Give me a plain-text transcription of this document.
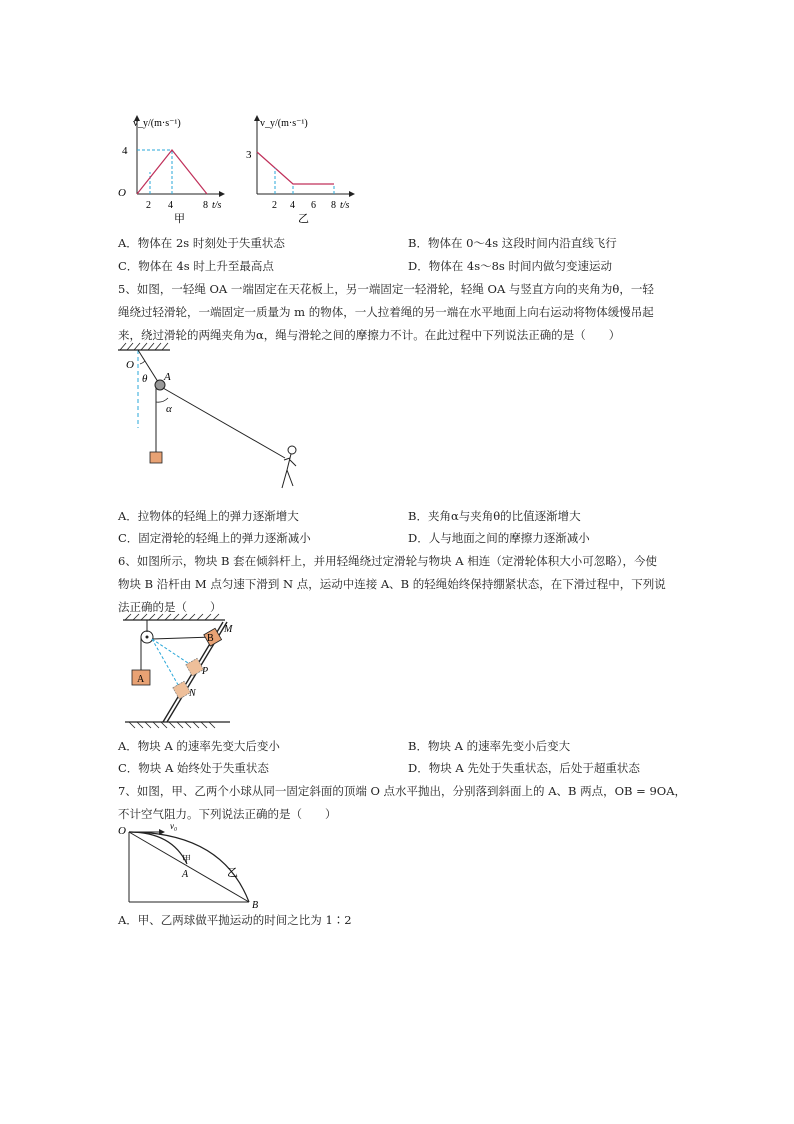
v_y/(m·s⁻¹)
4
O
2 4	8 t/s
甲
v_y/(m·s⁻¹)
3
2 4 6 8 t/s
乙
A．物体在 2s 时刻处于失重状态	B．物体在 0～4s 这段时间内沿直线飞行
C．物体在 4s 时上升至最高点	D．物体在 4s～8s 时间内做匀变速运动
5、如图，一轻绳 OA 一端固定在天花板上，另一端固定一轻滑轮，轻绳 OA 与竖直方向的夹角为θ，一轻
绳绕过轻滑轮，一端固定一质量为 m 的物体，一人拉着绳的另一端在水平地面上向右运动将物体缓慢吊起
来，绕过滑轮的两绳夹角为α，绳与滑轮之间的摩擦力不计。在此过程中下列说法正确的是（　　）
O
θ A
α
A．拉物体的轻绳上的弹力逐渐增大	B．夹角α与夹角θ的比值逐渐增大
C．固定滑轮的轻绳上的弹力逐渐减小	D．人与地面之间的摩擦力逐渐减小
6、如图所示，物块 B 套在倾斜杆上，并用轻绳绕过定滑轮与物块 A 相连（定滑轮体积大小可忽略），今使
物块 B 沿杆由 M 点匀速下滑到 N 点，运动中连接 A、B 的轻绳始终保持绷紧状态，在下滑过程中，下列说
法正确的是（　　）
A
B
M
P
N
A．物块 A 的速率先变大后变小	B．物块 A 的速率先变小后变大
C．物块 A 始终处于失重状态	D．物块 A 先处于失重状态，后处于超重状态
7、如图，甲、乙两个小球从同一固定斜面的顶端 O 点水平抛出，分别落到斜面上的 A、B 两点，OB = 9OA，
不计空气阻力。下列说法正确的是（　　）
O	v₀
甲
A	乙
B
A．甲、乙两球做平抛运动的时间之比为 1∶2
